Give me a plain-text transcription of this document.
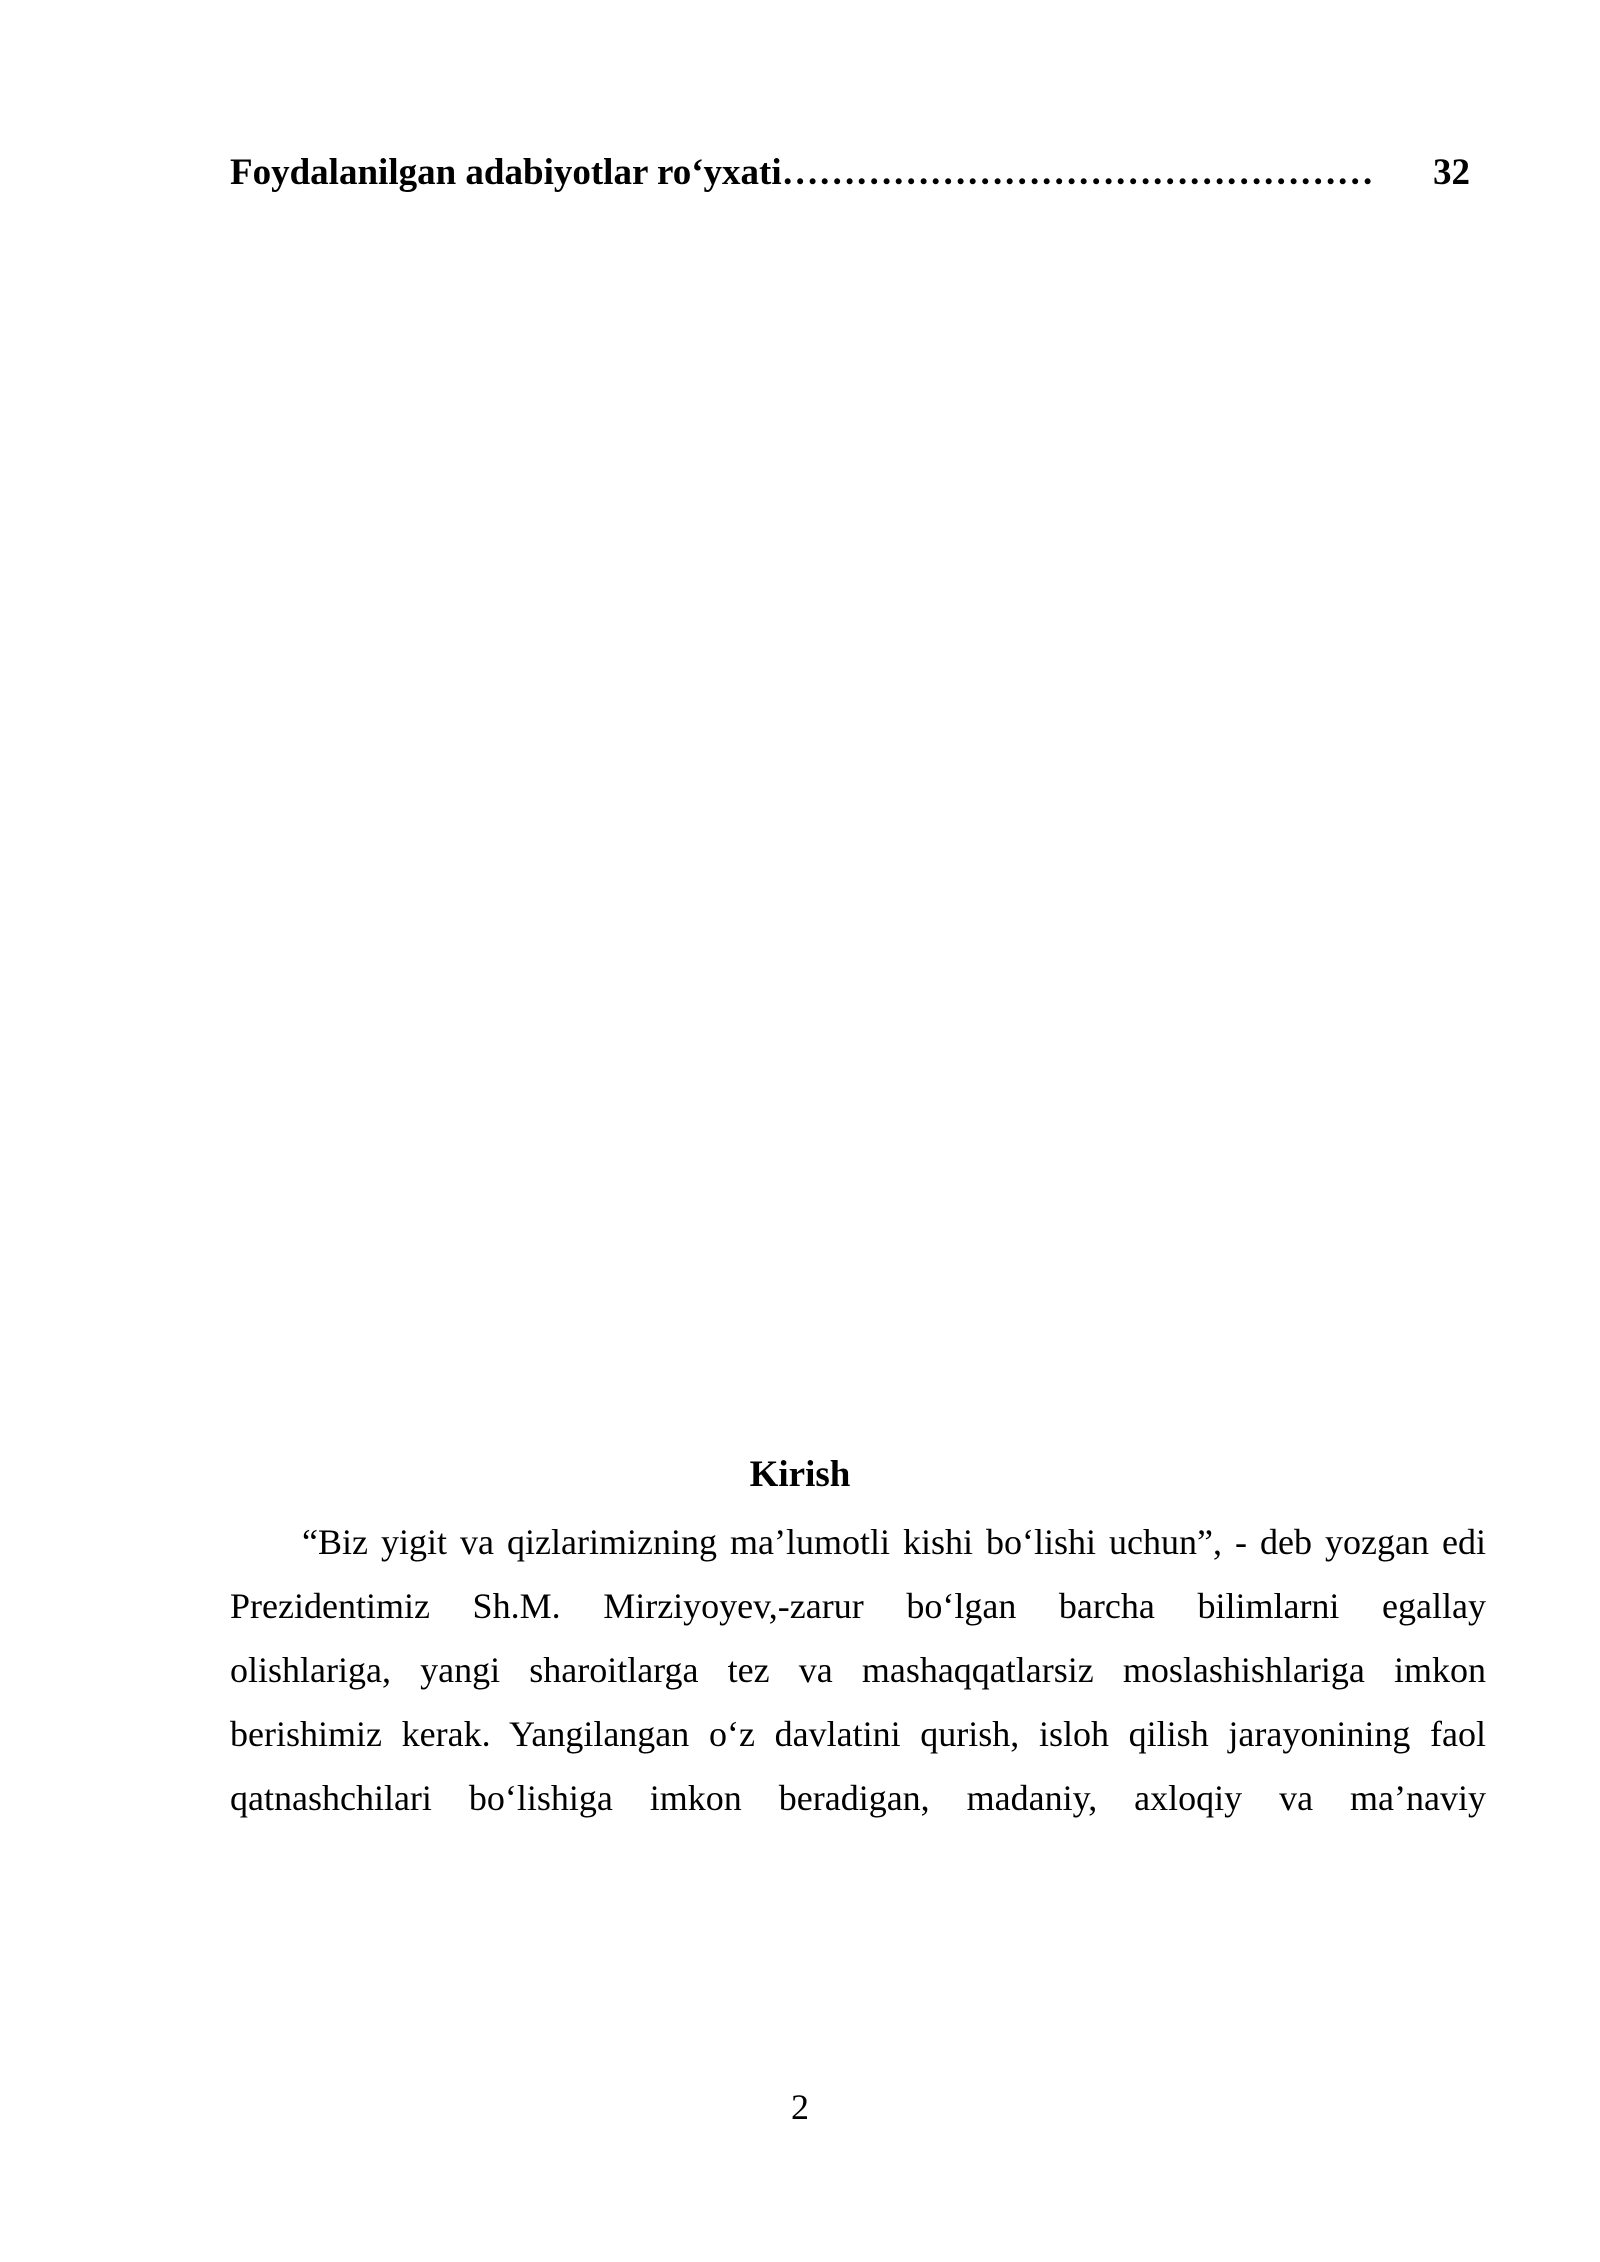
Foydalanilgan adabiyotlar ro‘yxati………………………………………… 32
Kirish
“Biz yigit va qizlarimizning ma’lumotli kishi bo‘lishi uchun”, - deb yozgan edi
Prezidentimiz Sh.M. Mirziyoyev,-zarur bo‘lgan barcha bilimlarni egallay
olishlariga, yangi sharoitlarga tez va mashaqqatlarsiz moslashishlariga imkon
berishimiz kerak. Yangilangan o‘z davlatini qurish, isloh qilish jarayonining faol
qatnashchilari bo‘lishiga imkon beradigan, madaniy, axloqiy va ma’naviy
2
